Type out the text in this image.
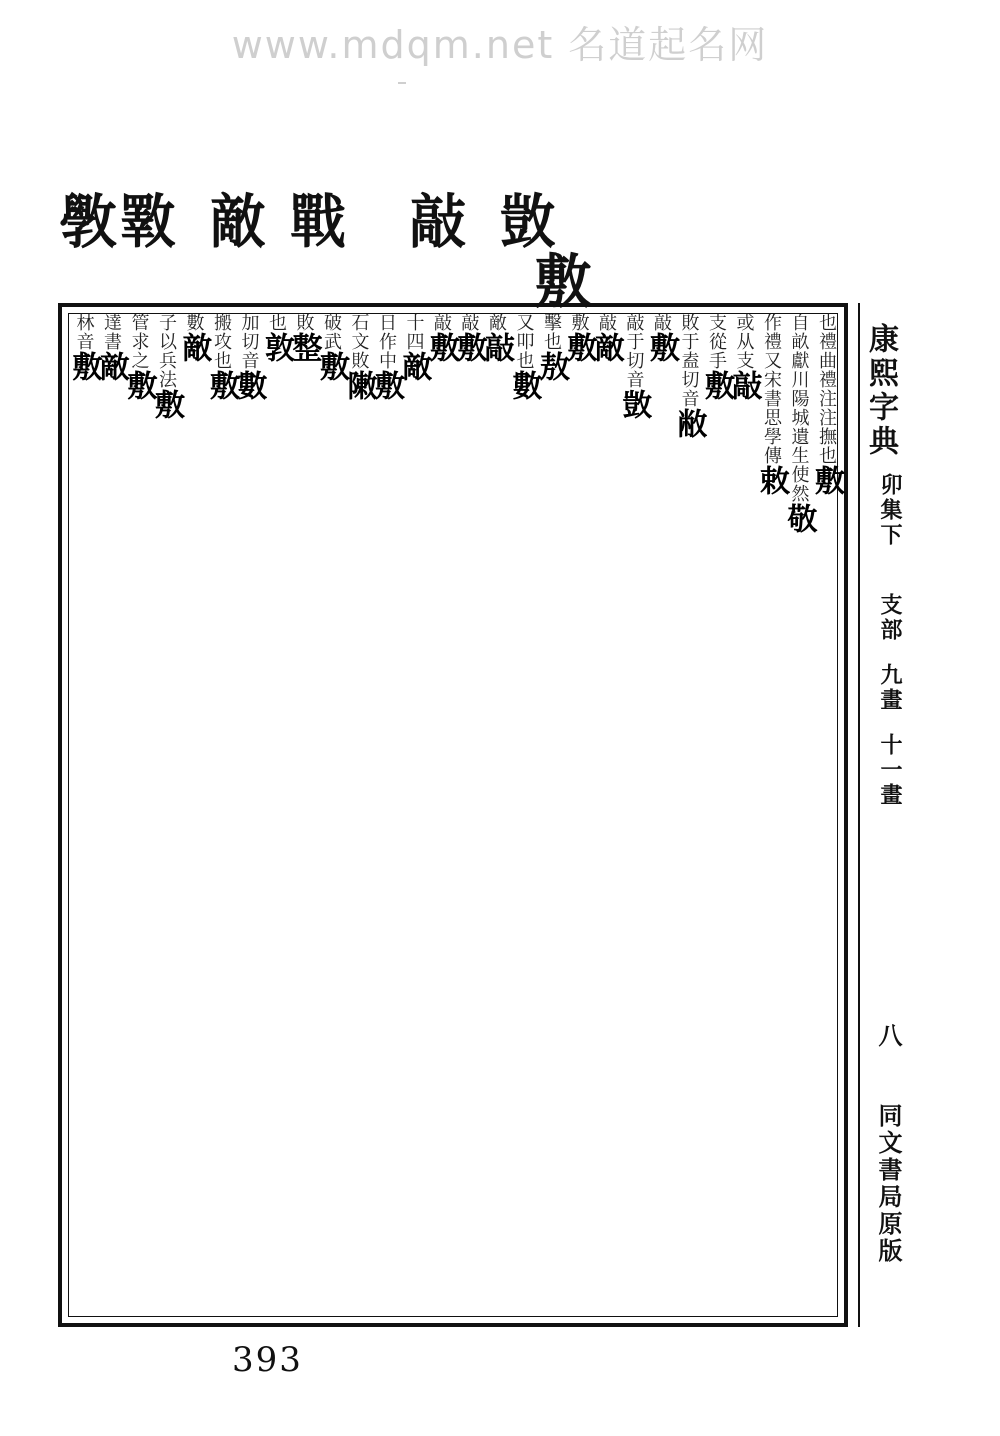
www.mdqm.net 名道起名网
斆 斁 敵 戰 敲 敳
敷
也禮曲禮注注撫也敷
自畝獻川陽城遺生使然敬
作禮又宋書思學傳敕
或从支敲
支從手敷
敗于盍切音敝
敲敷
敲于切音敳
敲敵
敷敷
擊也敖
又叩也數
敵敲
敲敷
敲敷
十四敵
日作中敷
石文敗敶
破武敷
敗整
也敦
加切音數
搬攻也敷
數敵
子以兵法敷
管求之敷
達書敵
林音敷	康熙字典
卯集下
支部
九畫
十一畫
八
同文書局原版
393
